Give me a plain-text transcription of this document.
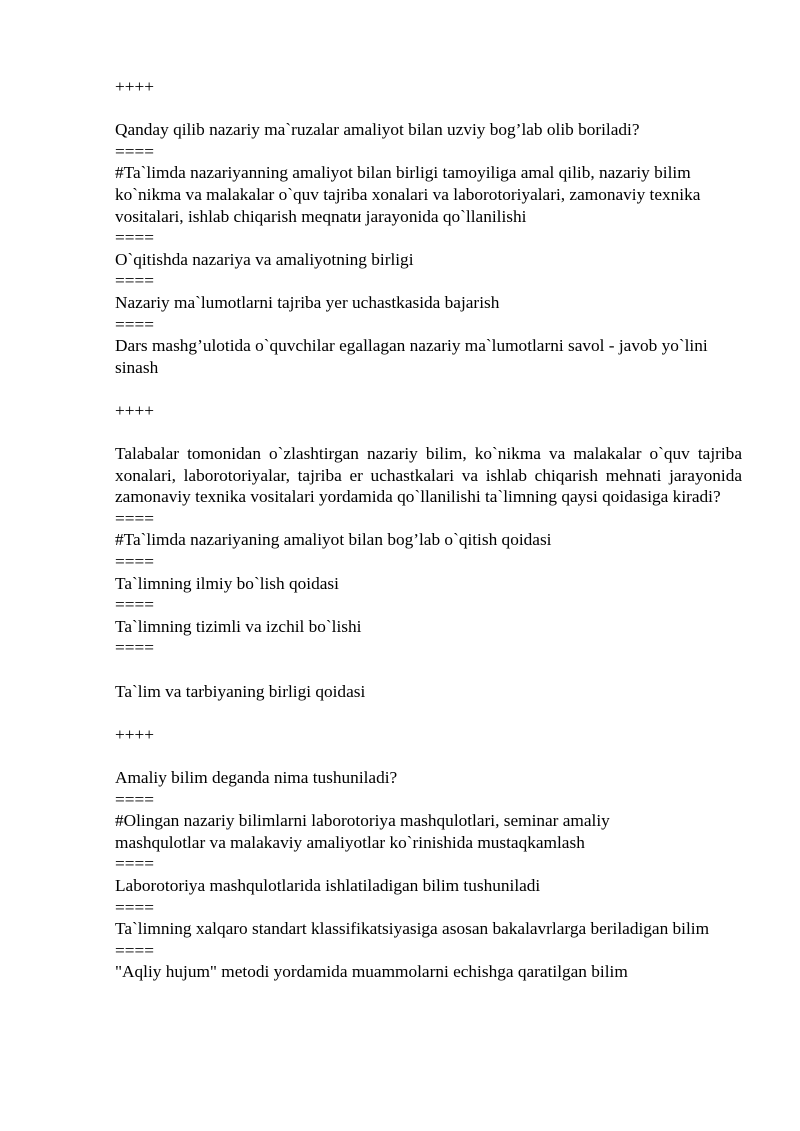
++++
Qanday qilib nazariy ma`ruzalar amaliyot bilan uzviy bog’lab olib boriladi?
====
#Ta`limda nazariyanning amaliyot bilan birligi tamoyiliga amal qilib, nazariy bilim ko`nikma va malakalar o`quv tajriba xonalari va laborotoriyalari, zamonaviy texnika vositalari, ishlab chiqarish meqnatи jarayonida qo`llanilishi
====
O`qitishda nazariya va amaliyotning birligi
====
Nazariy ma`lumotlarni tajriba yer uchastkasida bajarish
====
Dars mashg’ulotida o`quvchilar egallagan nazariy ma`lumotlarni savol - javob yo`lini sinash
++++
Talabalar tomonidan o`zlashtirgan nazariy bilim, ko`nikma va malakalar o`quv tajriba xonalari, laborotoriyalar, tajriba er uchastkalari va ishlab chiqarish mehnati jarayonida zamonaviy texnika vositalari yordamida qo`llanilishi ta`limning qaysi qoidasiga kiradi?
====
#Ta`limda nazariyaning amaliyot bilan bog’lab o`qitish qoidasi
====
Ta`limning ilmiy bo`lish qoidasi
====
Ta`limning tizimli va izchil bo`lishi
====
Ta`lim va tarbiyaning birligi qoidasi
++++
Amaliy bilim deganda nima tushuniladi?
====
#Olingan nazariy bilimlarni laborotoriya mashqulotlari, seminar amaliy mashqulotlar va malakaviy amaliyotlar ko`rinishida mustaqkamlash
====
Laborotoriya mashqulotlarida ishlatiladigan bilim tushuniladi
====
Ta`limning xalqaro standart klassifikatsiyasiga asosan bakalavrlarga beriladigan bilim
====
"Aqliy hujum" metodi yordamida muammolarni echishga qaratilgan bilim
